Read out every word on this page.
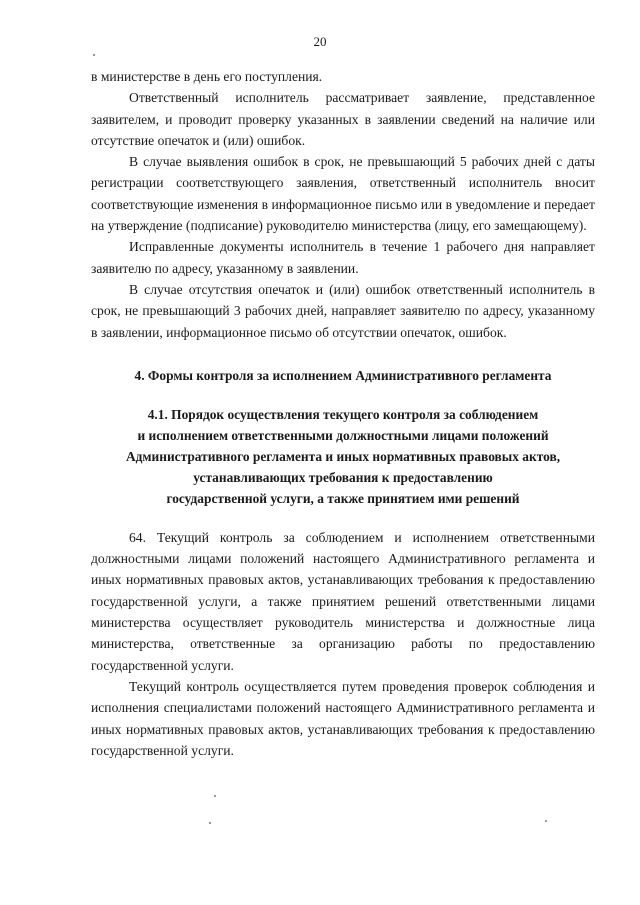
20

в министерстве в день его поступления.

Ответственный исполнитель рассматривает заявление, представленное заявителем, и проводит проверку указанных в заявлении сведений на наличие или отсутствие опечаток и (или) ошибок.

В случае выявления ошибок в срок, не превышающий 5 рабочих дней с даты регистрации соответствующего заявления, ответственный исполнитель вносит соответствующие изменения в информационное письмо или в уведомление и передает на утверждение (подписание) руководителю министерства (лицу, его замещающему).

Исправленные документы исполнитель в течение 1 рабочего дня направляет заявителю по адресу, указанному в заявлении.

В случае отсутствия опечаток и (или) ошибок ответственный исполнитель в срок, не превышающий 3 рабочих дней, направляет заявителю по адресу, указанному в заявлении, информационное письмо об отсутствии опечаток, ошибок.

4. Формы контроля за исполнением Административного регламента
4.1. Порядок осуществления текущего контроля за соблюдением
и исполнением ответственными должностными лицами положений
Административного регламента и иных нормативных правовых актов,
устанавливающих требования к предоставлению
государственной услуги, а также принятием ими решений

64. Текущий контроль за соблюдением и исполнением ответственными должностными лицами положений настоящего Административного регламента и иных нормативных правовых актов, устанавливающих требования к предоставлению государственной услуги, а также принятием решений ответственными лицами министерства осуществляет руководитель министерства и должностные лица министерства, ответственные за организацию работы по предоставлению государственной услуги.

Текущий контроль осуществляется путем проведения проверок соблюдения и исполнения специалистами положений настоящего Административного регламента и иных нормативных правовых актов, устанавливающих требования к предоставлению государственной услуги.
